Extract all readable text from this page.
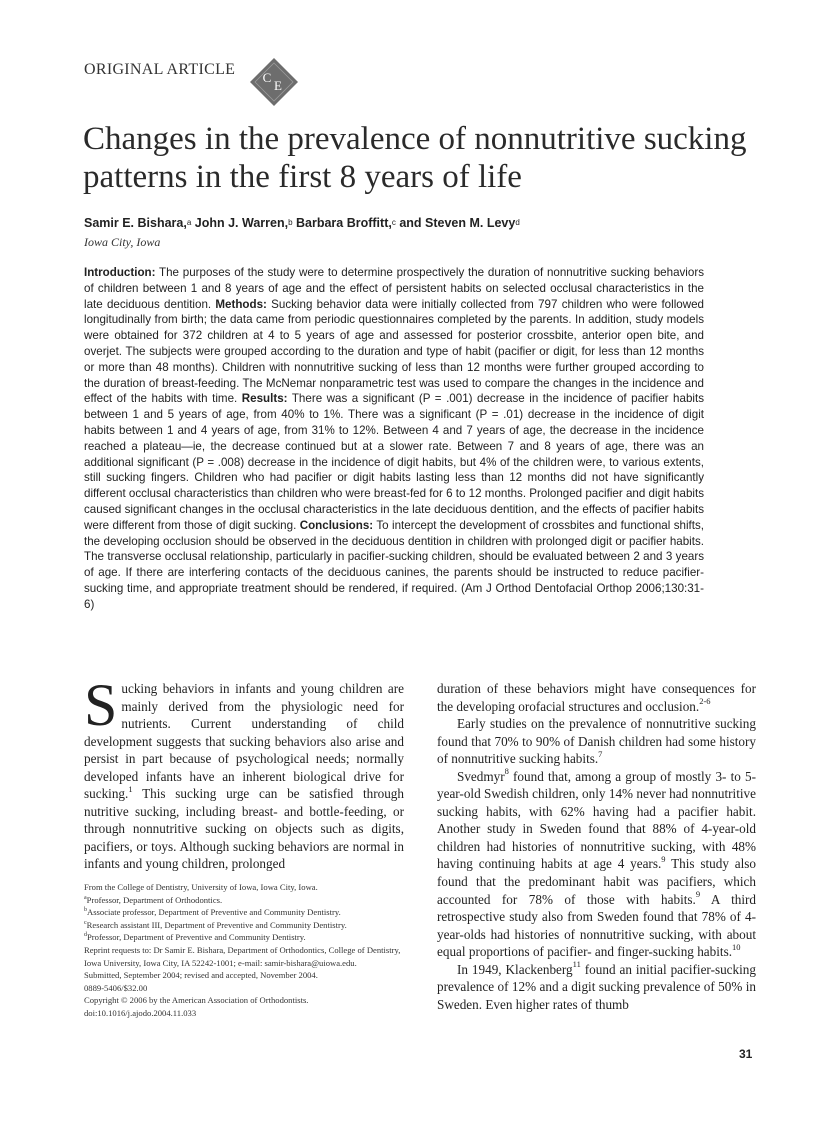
ORIGINAL ARTICLE C
E
Changes in the prevalence of nonnutritive sucking patterns in the first 8 years of life
Samir E. Bishara,$^a$ John J. Warren,$^b$ Barbara Broffitt,$^c$ and Steven M. Levy$^d$
Iowa City, Iowa

Introduction: The purposes of the study were to determine prospectively the duration of nonnutritive sucking behaviors of children between 1 and 8 years of age and the effect of persistent habits on selected occlusal characteristics in the late deciduous dentition. Methods: Sucking behavior data were initially collected from 797 children who were followed longitudinally from birth; the data came from periodic questionnaires completed by the parents. In addition, study models were obtained for 372 children at 4 to 5 years of age and assessed for posterior crossbite, anterior open bite, and overjet. The subjects were grouped according to the duration and type of habit (pacifier or digit, for less than 12 months or more than 48 months). Children with nonnutritive sucking of less than 12 months were further grouped according to the duration of breast-feeding. The McNemar nonparametric test was used to compare the changes in the incidence and effect of the habits with time. Results: There was a significant (P = .001) decrease in the incidence of pacifier habits between 1 and 5 years of age, from 40% to 1%. There was a significant (P = .01) decrease in the incidence of digit habits between 1 and 4 years of age, from 31% to 12%. Between 4 and 7 years of age, the decrease in the incidence reached a plateau—ie, the decrease continued but at a slower rate. Between 7 and 8 years of age, there was an additional significant (P = .008) decrease in the incidence of digit habits, but 4% of the children were, to various extents, still sucking fingers. Children who had pacifier or digit habits lasting less than 12 months did not have significantly different occlusal characteristics than children who were breast-fed for 6 to 12 months. Prolonged pacifier and digit habits caused significant changes in the occlusal characteristics in the late deciduous dentition, and the effects of pacifier habits were different from those of digit sucking. Conclusions: To intercept the development of crossbites and functional shifts, the developing occlusion should be observed in the deciduous dentition in children with prolonged digit or pacifier habits. The transverse occlusal relationship, particularly in pacifier-sucking children, should be evaluated between 2 and 3 years of age. If there are interfering contacts of the deciduous canines, the parents should be instructed to reduce pacifier-sucking time, and appropriate treatment should be rendered, if required. (Am J Orthod Dentofacial Orthop 2006;130:31-6)

Sucking behaviors in infants and young children are mainly derived from the physiologic need for nutrients. Current understanding of child development suggests that sucking behaviors also arise and persist in part because of psychological needs; normally developed infants have an inherent biological drive for sucking.$^1$ This sucking urge can be satisfied through nutritive sucking, including breast- and bottle-feeding, or through nonnutritive sucking on objects such as digits, pacifiers, or toys. Although sucking behaviors are normal in infants and young children, prolonged

From the College of Dentistry, University of Iowa, Iowa City, Iowa.

$^a$Professor, Department of Orthodontics.

$^b$Associate professor, Department of Preventive and Community Dentistry.

$^c$Research assistant III, Department of Preventive and Community Dentistry.

$^d$Professor, Department of Preventive and Community Dentistry.

Reprint requests to: Dr Samir E. Bishara, Department of Orthodontics, College of Dentistry, Iowa University, Iowa City, IA 52242-1001; e-mail: samir-bishara@uiowa.edu.

Submitted, September 2004; revised and accepted, November 2004.

0889-5406/$32.00

Copyright © 2006 by the American Association of Orthodontists.

doi:10.1016/j.ajodo.2004.11.033

duration of these behaviors might have consequences for the developing orofacial structures and occlusion.$^{2-6}$

Early studies on the prevalence of nonnutritive sucking found that 70% to 90% of Danish children had some history of nonnutritive sucking habits.$^7$

Svedmyr$^8$ found that, among a group of mostly 3- to 5-year-old Swedish children, only 14% never had nonnutritive sucking habits, with 62% having had a pacifier habit. Another study in Sweden found that 88% of 4-year-old children had histories of nonnutritive sucking, with 48% having continuing habits at age 4 years.$^9$ This study also found that the predominant habit was pacifiers, which accounted for 78% of those with habits.$^9$ A third retrospective study also from Sweden found that 78% of 4-year-olds had histories of nonnutritive sucking, with about equal proportions of pacifier- and finger-sucking habits.$^{10}$

In 1949, Klackenberg$^{11}$ found an initial pacifier-sucking prevalence of 12% and a digit sucking prevalence of 50% in Sweden. Even higher rates of thumb

31
